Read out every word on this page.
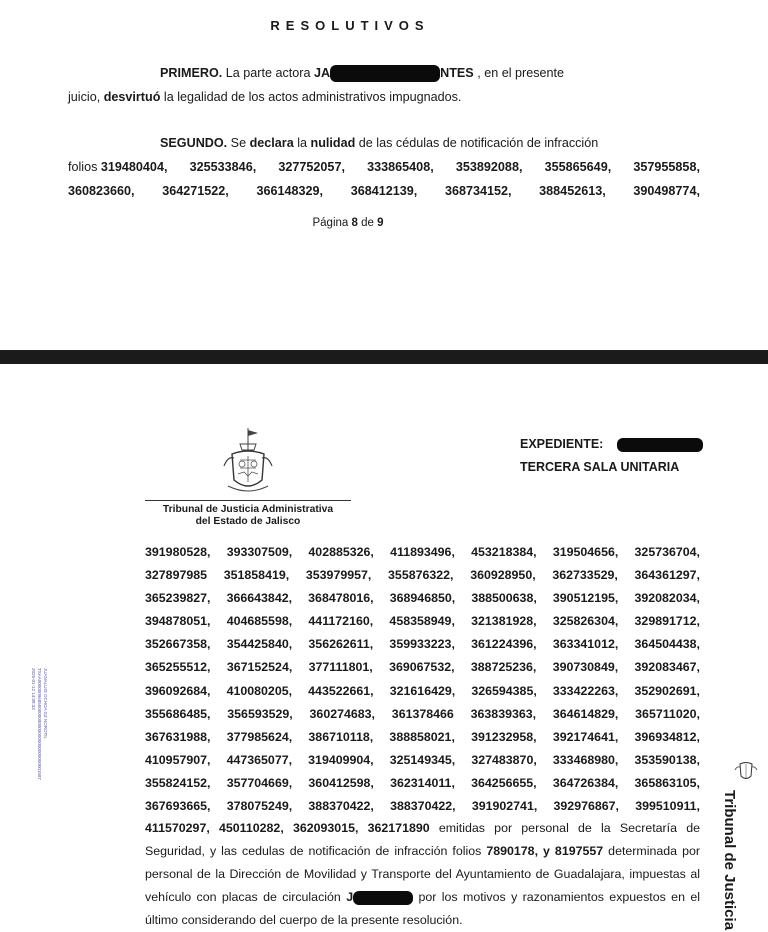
RESOLUTIVOS
PRIMERO. La parte actora JA	NTES , en el presente
juicio, desvirtuó la legalidad de los actos administrativos impugnados.
SEGUNDO. Se declara la nulidad de las cédulas de notificación de infracción
folios 319480404, 325533846, 327752057, 333865408, 353892088, 355865649, 357955858,
360823660, 364271522, 366148329, 368412139, 368734152, 388452613, 390498774,
Página 8 de 9
EXPEDIENTE:
TERCERA SALA UNITARIA
Tribunal de Justicia Administrativa
del Estado de Jalisco
391980528, 393307509, 402885326, 411893496, 453218384, 319504656, 325736704,
327897985 351858419, 353979957, 355876322, 360928950, 362733529, 364361297,
365239827, 366643842, 368478016, 368946850, 388500638, 390512195, 392082034,
394878051, 404685598, 441172160, 458358949, 321381928, 325826304, 329891712,
352667358, 354425840, 356262611, 359933223, 361224396, 363341012, 364504438,
365255512, 367152524, 377111801, 369067532, 388725236, 390730849, 392083467,
396092684, 410080205, 443522661, 321616429, 326594385, 333422263, 352902691,
355686485, 356593529, 360274683, 361378466 363839363, 364614829, 365711020,
367631988, 377985624, 386710118, 388858021, 391232958, 392174641, 396934812,
410957907, 447365077, 319409904, 325149345, 327483870, 333468980, 353590138,
355824152, 357704669, 360412598, 362314011, 364256655, 364726384, 365863105,
367693665, 378075249, 388370422, 388370422, 391902741, 392976867, 399510911,
411570297, 450110282, 362093015, 362171890 emitidas por personal de la Secretaría de Seguridad, y las cedulas de notificación de infracción folios 7890178, y 8197557 determinada por personal de la Dirección de Movilidad y Transporte del Ayuntamiento de Guadalajara, impuestas al vehículo con placas de circulación J	por los motivos y razonamientos expuestos en el último considerando del cuerpo de la presente resolución.
JUANALUIS OCHOA GZ NOROTIL
TSAA0000009685000000000000000000000000001587
2026-01-12 14:08:33
Tribunal de Justicia
